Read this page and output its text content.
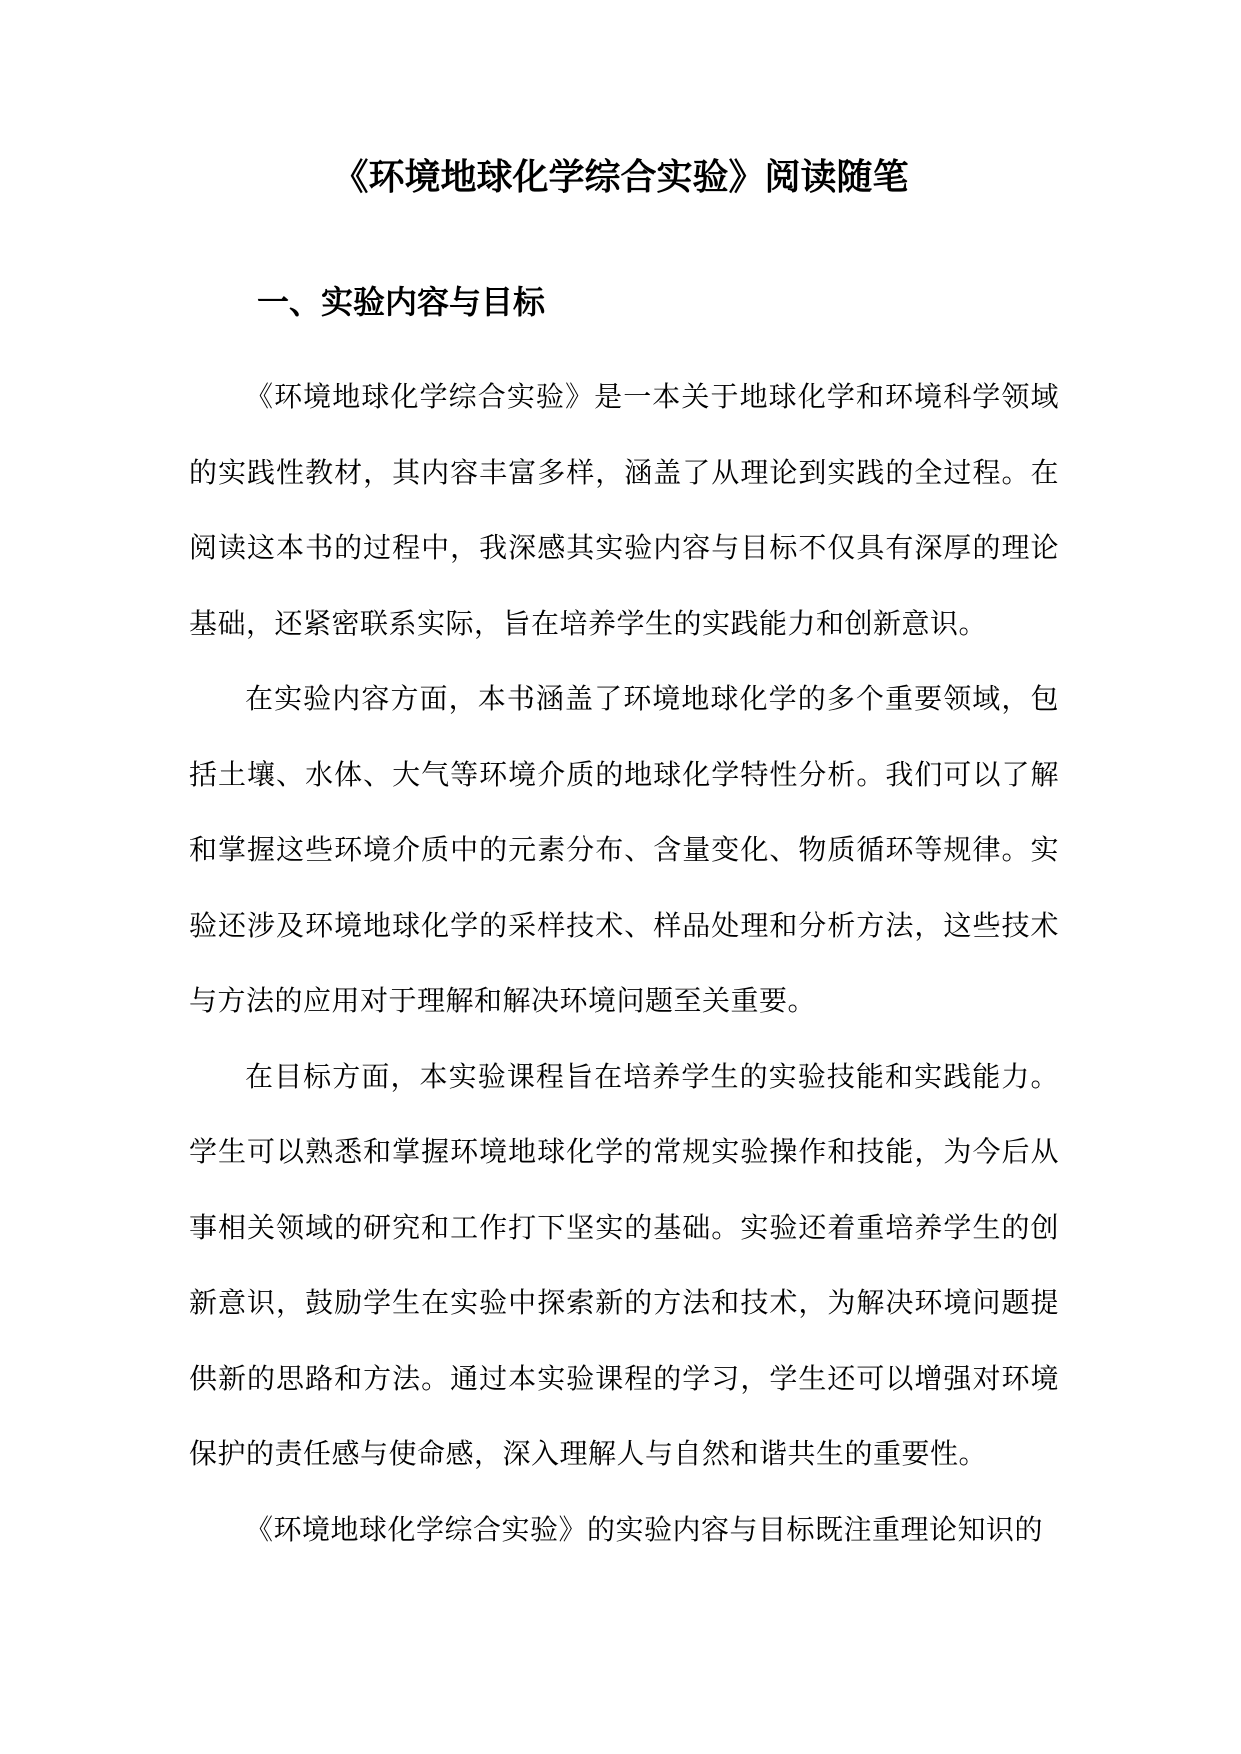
《环境地球化学综合实验》阅读随笔
一、实验内容与目标

《环境地球化学综合实验》是一本关于地球化学和环境科学领域的实践性教材，其内容丰富多样，涵盖了从理论到实践的全过程。在阅读这本书的过程中，我深感其实验内容与目标不仅具有深厚的理论基础，还紧密联系实际，旨在培养学生的实践能力和创新意识。

在实验内容方面，本书涵盖了环境地球化学的多个重要领域，包括土壤、水体、大气等环境介质的地球化学特性分析。我们可以了解和掌握这些环境介质中的元素分布、含量变化、物质循环等规律。实验还涉及环境地球化学的采样技术、样品处理和分析方法，这些技术与方法的应用对于理解和解决环境问题至关重要。

在目标方面，本实验课程旨在培养学生的实验技能和实践能力。学生可以熟悉和掌握环境地球化学的常规实验操作和技能，为今后从事相关领域的研究和工作打下坚实的基础。实验还着重培养学生的创新意识，鼓励学生在实验中探索新的方法和技术，为解决环境问题提供新的思路和方法。通过本实验课程的学习，学生还可以增强对环境保护的责任感与使命感，深入理解人与自然和谐共生的重要性。

《环境地球化学综合实验》的实验内容与目标既注重理论知识的
